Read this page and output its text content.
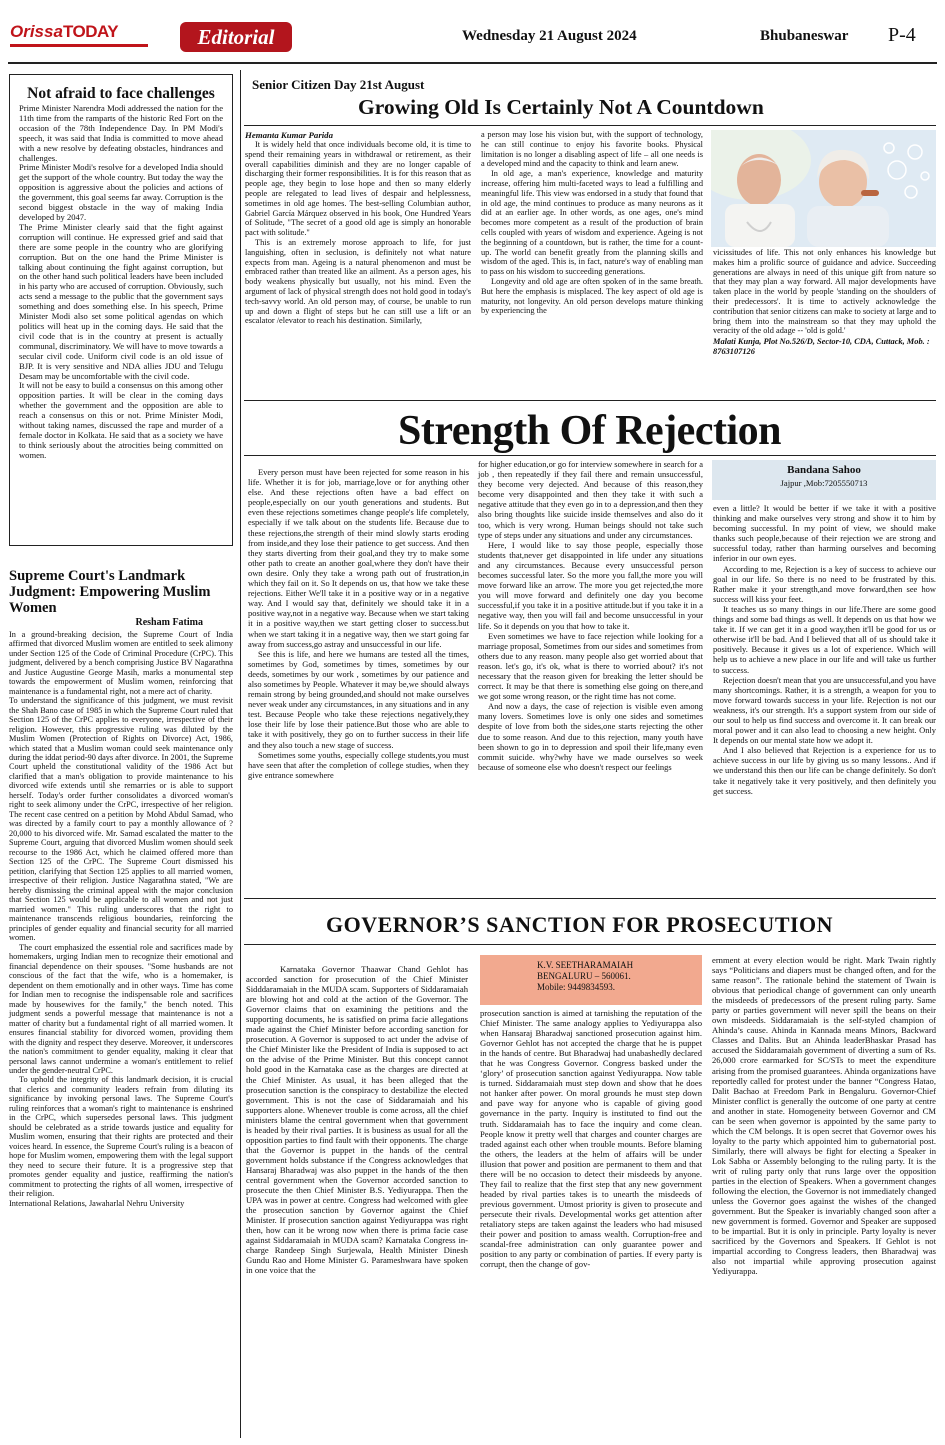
OrissaTODAY	Editorial	Wednesday 21 August 2024	Bhubaneswar P-4
Not afraid to face challenges

Prime Minister Narendra Modi addressed the nation for the 11th time from the ramparts of the historic Red Fort on the occasion of the 78th Independence Day. In PM Modi's speech, it was said that India is committed to move ahead with a new resolve by defeating obstacles, hindrances and challenges.

Prime Minister Modi's resolve for a developed India should get the support of the whole country. But today the way the opposition is aggressive about the policies and actions of the government, this goal seems far away. Corruption is the second biggest obstacle in the way of making India developed by 2047.

The Prime Minister clearly said that the fight against corruption will continue. He expressed grief and said that there are some people in the country who are glorifying corruption. But on the one hand the Prime Minister is talking about continuing the fight against corruption, but on the other hand such political leaders have been included in his party who are accused of corruption. Obviously, such acts send a message to the public that the government says something and does something else. In his speech, Prime Minister Modi also set some political agendas on which politics will heat up in the coming days. He said that the civil code that is in the country at present is actually communal, discriminatory. We will have to move towards a secular civil code. Uniform civil code is an old issue of BJP. It is very sensitive and NDA allies JDU and Telugu Desam may be uncomfortable with the civil code.

It will not be easy to build a consensus on this among other opposition parties. It will be clear in the coming days whether the government and the opposition are able to reach a consensus on this or not. Prime Minister Modi, without taking names, discussed the rape and murder of a female doctor in Kolkata. He said that as a society we have to think seriously about the atrocities being committed on women.

Supreme Court's Landmark Judgment: Empowering Muslim Women
Resham Fatima

In a ground-breaking decision, the Supreme Court of India affirmed that divorced Muslim women are entitled to seek alimony under Section 125 of the Code of Criminal Procedure (CrPC). This judgment, delivered by a bench comprising Justice BV Nagarathna and Justice Augustine George Masih, marks a monumental step towards the empowerment of Muslim women, reinforcing that maintenance is a fundamental right, not a mere act of charity.

To understand the significance of this judgment, we must revisit the Shah Bano case of 1985 in which the Supreme Court ruled that Section 125 of the CrPC applies to everyone, irrespective of their religion. However, this progressive ruling was diluted by the Muslim Women (Protection of Rights on Divorce) Act, 1986, which stated that a Muslim woman could seek maintenance only during the iddat period-90 days after divorce. In 2001, the Supreme Court upheld the constitutional validity of the 1986 Act but clarified that a man's obligation to provide maintenance to his divorced wife extends until she remarries or is able to support herself. Today's order further consolidates a divorced woman's right to seek alimony under the CrPC, irrespective of her religion. The recent case centred on a petition by Mohd Abdul Samad, who was directed by a family court to pay a monthly allowance of ?20,000 to his divorced wife. Mr. Samad escalated the matter to the Supreme Court, arguing that divorced Muslim women should seek recourse to the 1986 Act, which he claimed offered more than Section 125 of the CrPC. The Supreme Court dismissed his petition, clarifying that Section 125 applies to all married women, irrespective of their religion. Justice Nagarathna stated, "We are hereby dismissing the criminal appeal with the major conclusion that Section 125 would be applicable to all women and not just married women." This ruling underscores that the right to maintenance transcends religious boundaries, reinforcing the principles of gender equality and financial security for all married women.

The court emphasized the essential role and sacrifices made by homemakers, urging Indian men to recognize their emotional and financial dependence on their spouses. "Some husbands are not conscious of the fact that the wife, who is a homemaker, is dependent on them emotionally and in other ways. Time has come for Indian men to recognise the indispensable role and sacrifices made by housewives for the family," the bench noted. This judgment sends a powerful message that maintenance is not a matter of charity but a fundamental right of all married women. It ensures financial stability for divorced women, providing them with the dignity and respect they deserve. Moreover, it underscores the nation's commitment to gender equality, making it clear that personal laws cannot undermine a woman's entitlement to relief under the gender-neutral CrPC.

To uphold the integrity of this landmark decision, it is crucial that clerics and community leaders refrain from diluting its significance by invoking personal laws. The Supreme Court's ruling reinforces that a woman's right to maintenance is enshrined in the CrPC, which supersedes personal laws. This judgment should be celebrated as a stride towards justice and equality for Muslim women, ensuring that their rights are protected and their voices heard. In essence, the Supreme Court's ruling is a beacon of hope for Muslim women, empowering them with the legal support they need to secure their future. It is a progressive step that promotes gender equality and justice, reaffirming the nation's commitment to protecting the rights of all women, irrespective of their religion.

International Relations, Jawaharlal Nehru University

Senior Citizen Day 21st August
Growing Old Is Certainly Not A Countdown
Hemanta Kumar Parida

It is widely held that once individuals become old, it is time to spend their remaining years in withdrawal or retirement, as their overall capabilities diminish and they are no longer capable of discharging their former responsibilities. It is for this reason that as people age, they begin to lose hope and then so many elderly people are relegated to lead lives of despair and helplessness, sometimes in old age homes. The best-selling Columbian author, Gabriel García Márquez observed in his book, One Hundred Years of Solitude, "The secret of a good old age is simply an honorable pact with solitude."

This is an extremely morose approach to life, for just languishing, often in seclusion, is definitely not what nature expects from man. Ageing is a natural phenomenon and must be embraced rather than treated like an ailment. As a person ages, his body weakens physically but usually, not his mind. Even the argument of lack of physical strength does not hold good in today's tech-savvy world. An old person may, of course, be unable to run up and down a flight of steps but he can still use a lift or an escalator /elevator to reach his destination. Similarly,

a person may lose his vision but, with the support of technology, he can still continue to enjoy his favorite books. Physical limitation is no longer a disabling aspect of life – all one needs is a developed mind and the capacity to think and learn anew.

In old age, a man's experience, knowledge and maturity increase, offering him multi-faceted ways to lead a fulfilling and meaningful life. This view was endorsed in a study that found that in old age, the mind continues to produce as many neurons as it did at an earlier age. In other words, as one ages, one's mind becomes more competent as a result of the production of brain cells coupled with years of wisdom and experience. Ageing is not the beginning of a countdown, but is rather, the time for a count-up. The world can benefit greatly from the planning skills and wisdom of the aged. This is, in fact, nature's way of enabling man to pass on his wisdom to succeeding generations.

Longevity and old age are often spoken of in the same breath. But here the emphasis is misplaced. The key aspect of old age is maturity, not longevity. An old person develops mature thinking by experiencing the

vicissitudes of life. This not only enhances his knowledge but makes him a prolific source of guidance and advice. Succeeding generations are always in need of this unique gift from nature so that they may plan a way forward. All major developments have taken place in the world by people 'standing on the shoulders of their predecessors'. It is time to actively acknowledge the contribution that senior citizens can make to society at large and to bring them into the mainstream so that they may uphold the veracity of the old adage -- 'old is gold.'

Malati Kunja, Plot No.526/D, Sector-10, CDA, Cuttack, Mob. : 8763107126
Strength Of Rejection

Every person must have been rejected for some reason in his life. Whether it is for job, marriage,love or for anything other else. And these rejections often have a bad effect on people,especially on our youth generations and students. But even these rejections sometimes change people's life completely, especially if we talk about on the students life. Because due to these rejections,the strength of their mind slowly starts eroding from inside,and they lose their patience to get success. And then they starts diverting from their goal,and they try to make some other path to create an another goal,where they don't have their own desire. Only they take a wrong path out of frustration,in which they fail on it. So It depends on us, that how we take these rejections. Either We'll take it in a positive way or in a negative way. And I would say that, definitely we should take it in a positive way,not in a negative way. Because when we start taking it in a positive way,then we start getting closer to success.but when we start taking it in a negative way, then we start going far away from success,go astray and unsuccessful in our life.

See this is life, and here we humans are tested all the times, sometimes by God, sometimes by times, sometimes by our deeds, sometimes by our work , sometimes by our patience and also sometimes by People. Whatever it may be,we should always remain strong by being grounded,and should not make ourselves never weak under any circumstances, in any situations and in any test. Because People who take these rejections negatively,they lose their life by lose their patience.But those who are able to take it with positively, they go on to further success in their life and they also touch a new stage of success.

Sometimes some youths, especially college students,you must have seen that after the completion of college studies, when they give entrance somewhere

for higher education,or go for interview somewhere in search for a job , then repeatedly if they fail there and remain unsuccessful, they become very dejected. And because of this reason,they become very disappointed and then they take it with such a negative attitude that they even go in to a depression,and then they also bring thoughts like suicide inside themselves and also do it too, which is very wrong. Human beings should not take such type of steps under any situations and under any circumstances.

Here, I would like to say those people, especially those students that,never get disappointed in life under any situations and any circumstances. Because every unsuccessful person becomes successful later. So the more you fall,the more you will move forward like an arrow. The more you get rejected,the more you will move forward and definitely one day you become successful,if you take it in a positive attitude.but if you take it in a negative way, then you will fail and become unsuccessful in your life. So it depends on you that how to take it.

Even sometimes we have to face rejection while looking for a marriage proposal, Sometimes from our sides and sometimes from others due to any reason. many people also get worried about that reason. let's go, it's ok, what is there to worried about? it's not necessary that the reason given for breaking the letter should be correct. It may be that there is something else going on there,and we got some wrong reason, or the right time has not come.

And now a days, the case of rejection is visible even among many lovers. Sometimes love is only one sides and sometimes despite of love from both the sides,one starts rejecting the other due to some reason. And due to this rejection, many youth have been shown to go in to depression and spoil their life,many even commit suicide. why?why have we made ourselves so week because of someone else who doesn't respect our feelings

Bandana Sahoo
Jajpur ,Mob:7205550713

even a little? It would be better if we take it with a positive thinking and make ourselves very strong and show it to him by becoming successful. In my point of view, we should make thanks such people,because of their rejection we are strong and successful today, rather than harming ourselves and becoming inferior in our own eyes.

According to me, Rejection is a key of success to achieve our goal in our life. So there is no need to be frustrated by this. Rather make it your strength,and move forward,then see how success will kiss your feet.

It teaches us so many things in our life.There are some good things and some bad things as well. It depends on us that how we take it. If we can get it in a good way,then it'll be good for us or otherwise it'll be bad. And I believed that all of us should take it positively. Because it gives us a lot of experience. Which will help us to achieve a new place in our life and will take us further to success.

Rejection doesn't mean that you are unsuccessful,and you have many shortcomings. Rather, it is a strength, a weapon for you to move forward towards success in your life. Rejection is not our weakness, it's our strength. It's a support system from our side of our soul to help us find success and overcome it. It can break our moral power and it can also lead to choosing a new height. Only It depends on our mental state how we adopt it.

And I also believed that Rejection is a experience for us to achieve success in our life by giving us so many lessons.. And if we understand this then our life can be change definitely. So don't take it negatively take it very positively, and then definitely you get success.

GOVERNOR’S SANCTION FOR PROSECUTION

Karnataka Governor Thaawar Chand Gehlot has accorded sanction for prosecution of the Chief Minister Sidddaramaiah in the MUDA scam. Supporters of Siddaramaiah are blowing hot and cold at the action of the Governor. The Governor claims that on examining the petitions and the supporting documents, he is satisfied on prima facie allegations made against the Chief Minister before according sanction for prosecution. A Governor is supposed to act under the advise of the Chief Minister like the President of India is supposed to act on the advise of the Prime Minister. But this concept cannot hold good in the Karnataka case as the charges are directed at the Chief Minister. As usual, it has been alleged that the prosecution sanction is the conspiracy to destabilize the elected government. This is not the case of Siddaramaiah and his supporters alone. Whenever trouble is come across, all the chief ministers blame the central government when that government is headed by their rival parties. It is business as usual for all the opposition parties to find fault with their opponents. The charge that the Governor is puppet in the hands of the central government holds substance if the Congress acknowledges that Hansaraj Bharadwaj was also puppet in the hands of the then central government when the Governor accorded sanction to prosecute the then Chief Minister B.S. Yediyurappa. Then the UPA was in power at centre. Congress had welcomed with glee the prosecution sanction by Governor against the Chief Minister. If prosecution sanction against Yediyurappa was right then, how can it be wrong now when there is prima facie case against Siddaramaiah in MUDA scam? Karnataka Congress in-charge Randeep Singh Surjewala, Health Minister Dinesh Gundu Rao and Home Minister G. Parameshwara have spoken in one voice that the

K.V. SEETHARAMAIAH
BENGALURU – 560061.
Mobile: 9449834593.

prosecution sanction is aimed at tarnishing the reputation of the Chief Minister. The same analogy applies to Yediyurappa also when Hansaraj Bharadwaj sanctioned prosecution against him. Governor Gehlot has not accepted the charge that he is puppet in the hands of centre. But Bharadwaj had unabashedly declared that he was Congress Governor. Congress basked under the ‘glory’ of prosecution sanction against Yediyurappa. Now table is turned. Siddaramaiah must step down and show that he does not hanker after power. On moral grounds he must step down and pave way for anyone who is capable of giving good governance in the party. Inquiry is instituted to find out the truth. Siddaramaiah has to face the inquiry and come clean. People know it pretty well that charges and counter charges are traded against each other when trouble mounts. Before blaming the others, the leaders at the helm of affairs will be under illusion that power and position are permanent to them and that there will be no occasion to detect their misdeeds by anyone. They fail to realize that the first step that any new government headed by rival parties takes is to unearth the misdeeds of previous government. Utmost priority is given to prosecute and persecute their rivals. Developmental works get attention after retaliatory steps are taken against the leaders who had misused their power and position to amass wealth. Corruption-free and scandal-free administration can only guarantee power and position to any party or combination of parties. If every party is corrupt, then the change of gov-

ernment at every election would be right. Mark Twain rightly says “Politicians and diapers must be changed often, and for the same reason”. The rationale behind the statement of Twain is obvious that periodical change of government can only unearth the misdeeds of predecessors of the present ruling party. Same party or parties government will never spill the beans on their own misdeeds. Siddaramaiah is the self-styled champion of Ahinda’s cause. Ahinda in Kannada means Minors, Backward Classes and Dalits. But an Ahinda leaderBhaskar Prasad has accused the Siddaramaiah government of diverting a sum of Rs. 26,000 crore earmarked for SC/STs to meet the expenditure arising from the promised guarantees. Ahinda organizations have reportedly called for protest under the banner “Congress Hatao, Dalit Bachao at Freedom Park in Bengaluru. Governor-Chief Minister conflict is generally the outcome of one party at centre and another in state. Homogeneity between Governor and CM can be seen when governor is appointed by the same party to which the CM belongs. It is open secret that Governor owes his loyalty to the party which appointed him to gubernatorial post. Similarly, there will always be fight for electing a Speaker in Lok Sabha or Assembly belonging to the ruling party. It is the writ of ruling party only that runs large over the opposition parties in the election of Speakers. When a government changes following the election, the Governor is not immediately changed unless the Governor goes against the wishes of the changed government. But the Speaker is invariably changed soon after a new government is formed. Governor and Speaker are supposed to be impartial. But it is only in principle. Party loyalty is never sacrificed by the Governors and Speakers. If Gehlot is not impartial according to Congress leaders, then Bharadwaj was also not impartial while approving prosecution against Yediyurappa.
